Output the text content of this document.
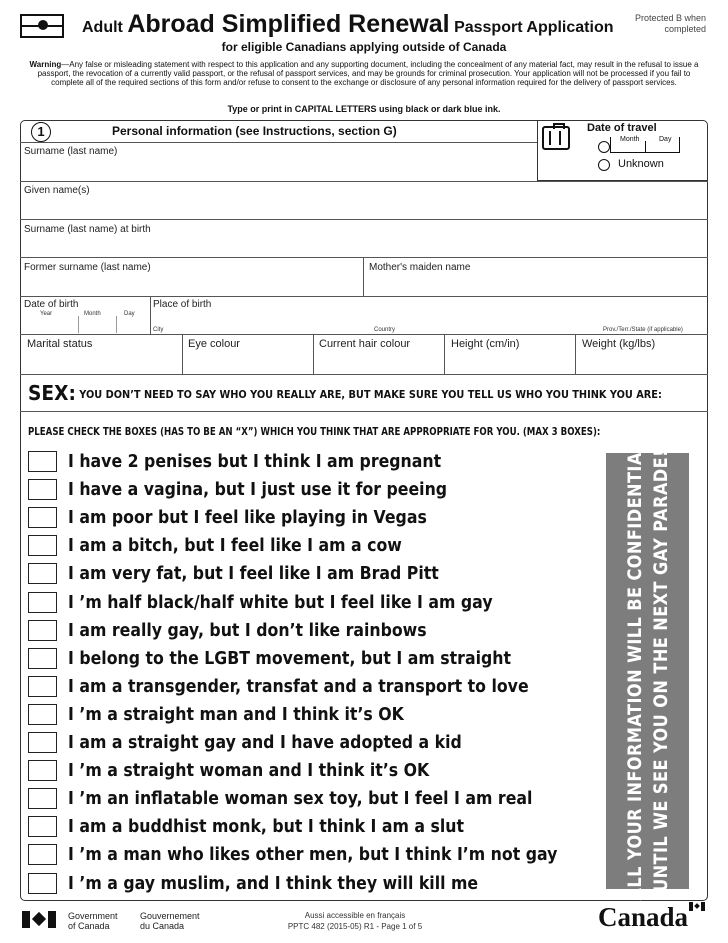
Adult Abroad Simplified Renewal Passport Application
Protected B when completed
for eligible Canadians applying outside of Canada
Warning—Any false or misleading statement with respect to this application and any supporting document, including the concealment of any material fact, may result in the refusal to issue a passport, the revocation of a currently valid passport, or the refusal of passport services, and may be grounds for criminal prosecution. Your application will not be processed if you fail to complete all of the required sections of this form and/or refuse to consent to the exchange or disclosure of any personal information required for the delivery of passport services.
Type or print in CAPITAL LETTERS using black or dark blue ink.
1	Personal information (see Instructions, section G)	Date of travel
Month	Day
Unknown
Surname (last name)
Given name(s)
Surname (last name) at birth
Former surname (last name)	Mother's maiden name
Date of birth
Year	Month	Day
Place of birth
City	Country	Prov./Terr./State (if applicable)
Marital status	Eye colour	Current hair colour	Height (cm/in)	Weight (kg/lbs)
SEX: YOU DON’T NEED TO SAY WHO YOU REALLY ARE, BUT MAKE SURE YOU TELL US WHO YOU THINK YOU ARE:
PLEASE CHECK THE BOXES (HAS TO BE AN “X”) WHICH YOU THINK THAT ARE APPROPRIATE FOR YOU. (MAX 3 BOXES):
I have 2 penises but I think I am pregnant
I have a vagina, but I just use it for peeing
I am poor but I feel like playing in Vegas
I am a bitch, but I feel like I am a cow
I am very fat, but I feel like I am Brad Pitt
I ’m half black/half white but I feel like I am gay
I am really gay, but I don’t like rainbows
I belong to the LGBT movement, but I am straight
I am a transgender, transfat and a transport to love
I ’m a straight man and I think it’s OK
I am a straight gay and I have adopted a kid
I ’m a straight woman and I think it’s OK
I ’m an inflatable woman sex toy, but I feel I am real
I am a buddhist monk, but I think I am a slut
I ’m a man who likes other men, but I think I’m not gay
I ’m a gay muslim, and I think they will kill me	ALL YOUR INFORMATION WILL BE CONFIDENTIAL UNTIL WE SEE YOU ON THE NEXT GAY PARADE!
Government
of Canada
Gouvernement
du Canada
Aussi accessible en français
PPTC 482 (2015-05) R1 - Page 1 of 5	Canada
